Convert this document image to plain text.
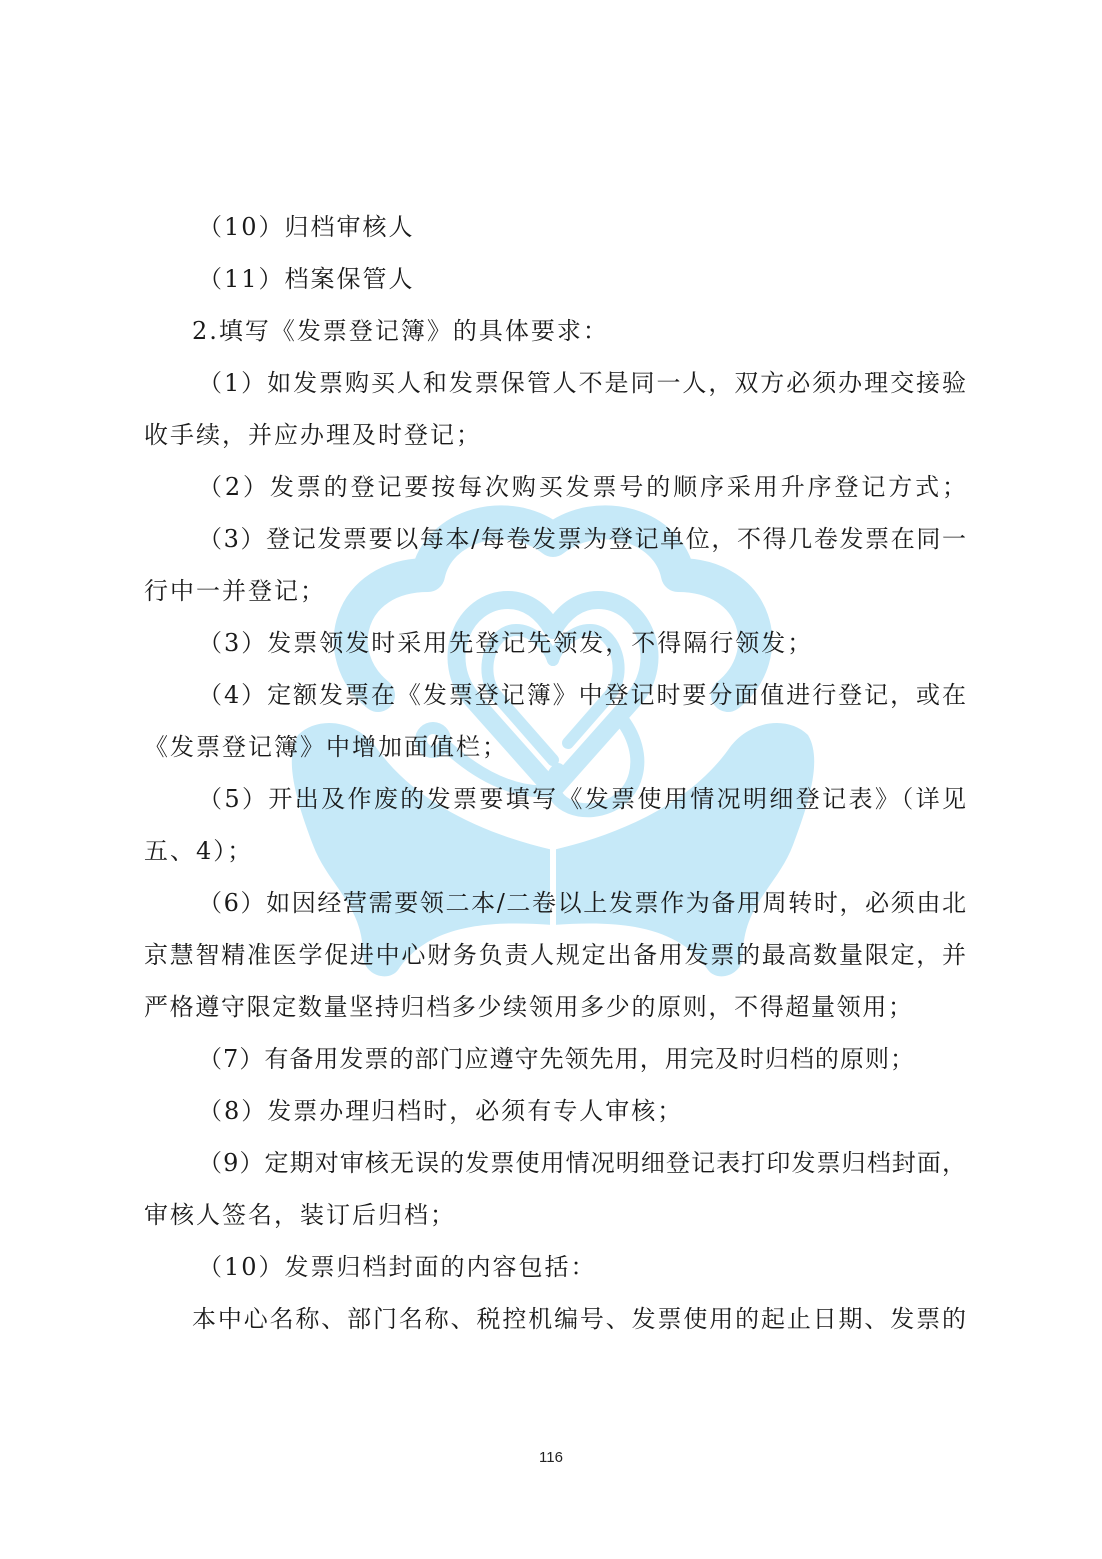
（10）归档审核人
（11）档案保管人
2.填写《发票登记簿》的具体要求：
（1）如发票购买人和发票保管人不是同一人，双方必须办理交接验
收手续，并应办理及时登记；
（2）发票的登记要按每次购买发票号的顺序采用升序登记方式；
（3）登记发票要以每本/每卷发票为登记单位，不得几卷发票在同一
行中一并登记；
（3）发票领发时采用先登记先领发，不得隔行领发；
（4）定额发票在《发票登记簿》中登记时要分面值进行登记，或在
《发票登记簿》中增加面值栏；
（5）开出及作废的发票要填写《发票使用情况明细登记表》（详见
五、4）；
（6）如因经营需要领二本/二卷以上发票作为备用周转时，必须由北
京慧智精准医学促进中心财务负责人规定出备用发票的最高数量限定，并
严格遵守限定数量坚持归档多少续领用多少的原则，不得超量领用；
（7）有备用发票的部门应遵守先领先用，用完及时归档的原则；
（8）发票办理归档时，必须有专人审核；
（9）定期对审核无误的发票使用情况明细登记表打印发票归档封面，
审核人签名，装订后归档；
（10）发票归档封面的内容包括：
本中心名称、部门名称、税控机编号、发票使用的起止日期、发票的
116
